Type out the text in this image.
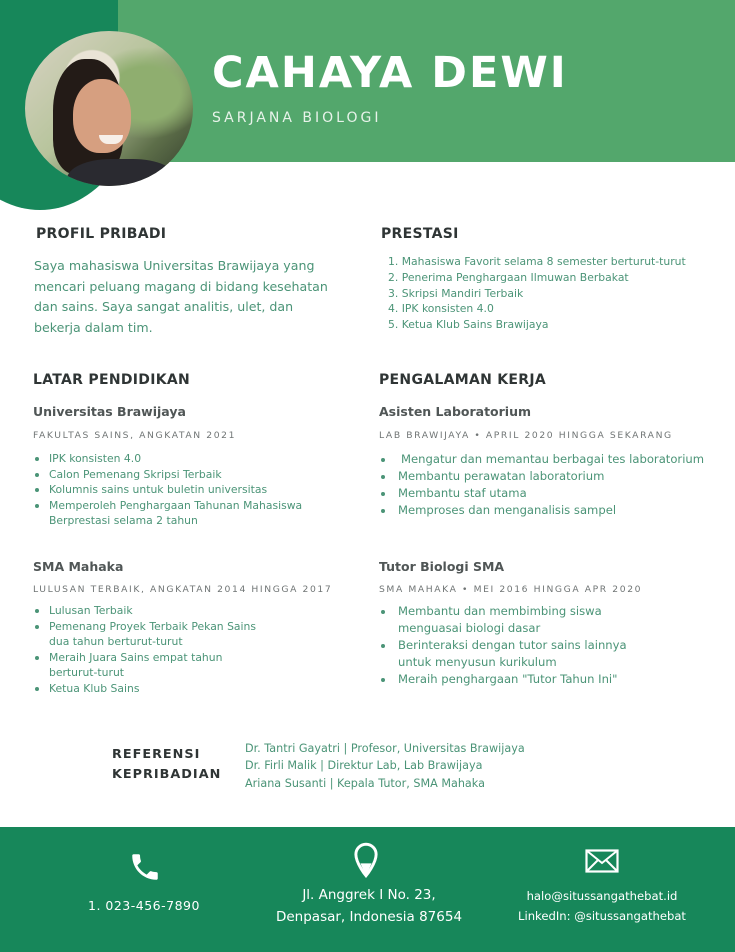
CAHAYA DEWI
SARJANA BIOLOGI
PROFIL PRIBADI

Saya mahasiswa Universitas Brawijaya yang mencari peluang magang di bidang kesehatan dan sains. Saya sangat analitis, ulet, dan bekerja dalam tim.

PRESTASI
1. Mahasiswa Favorit selama 8 semester berturut-turut
2. Penerima Penghargaan Ilmuwan Berbakat
3. Skripsi Mandiri Terbaik
4. IPK konsisten 4.0
5. Ketua Klub Sains Brawijaya
LATAR PENDIDIKAN
Universitas Brawijaya
FAKULTAS SAINS, ANGKATAN 2021
IPK konsisten 4.0
Calon Pemenang Skripsi Terbaik
Kolumnis sains untuk buletin universitas
Memperoleh Penghargaan Tahunan Mahasiswa
Berprestasi selama 2 tahun
SMA Mahaka
LULUSAN TERBAIK, ANGKATAN 2014 HINGGA 2017
Lulusan Terbaik
Pemenang Proyek Terbaik Pekan Sains
dua tahun berturut-turut
Meraih Juara Sains empat tahun
berturut-turut
Ketua Klub Sains
PENGALAMAN KERJA
Asisten Laboratorium
LAB BRAWIJAYA • APRIL 2020 HINGGA SEKARANG
Mengatur dan memantau berbagai tes laboratorium
Membantu perawatan laboratorium
Membantu staf utama
Memproses dan menganalisis sampel
Tutor Biologi SMA
SMA MAHAKA • MEI 2016 HINGGA APR 2020
Membantu dan membimbing siswa
menguasai biologi dasar
Berinteraksi dengan tutor sains lainnya
untuk menyusun kurikulum
Meraih penghargaan "Tutor Tahun Ini"
REFERENSI
KEPRIBADIAN
Dr. Tantri Gayatri | Profesor, Universitas Brawijaya
Dr. Firli Malik | Direktur Lab, Lab Brawijaya
Ariana Susanti | Kepala Tutor, SMA Mahaka
1. 023-456-7890
Jl. Anggrek I No. 23,
Denpasar, Indonesia 87654
halo@situssangathebat.id
LinkedIn: @situssangathebat
